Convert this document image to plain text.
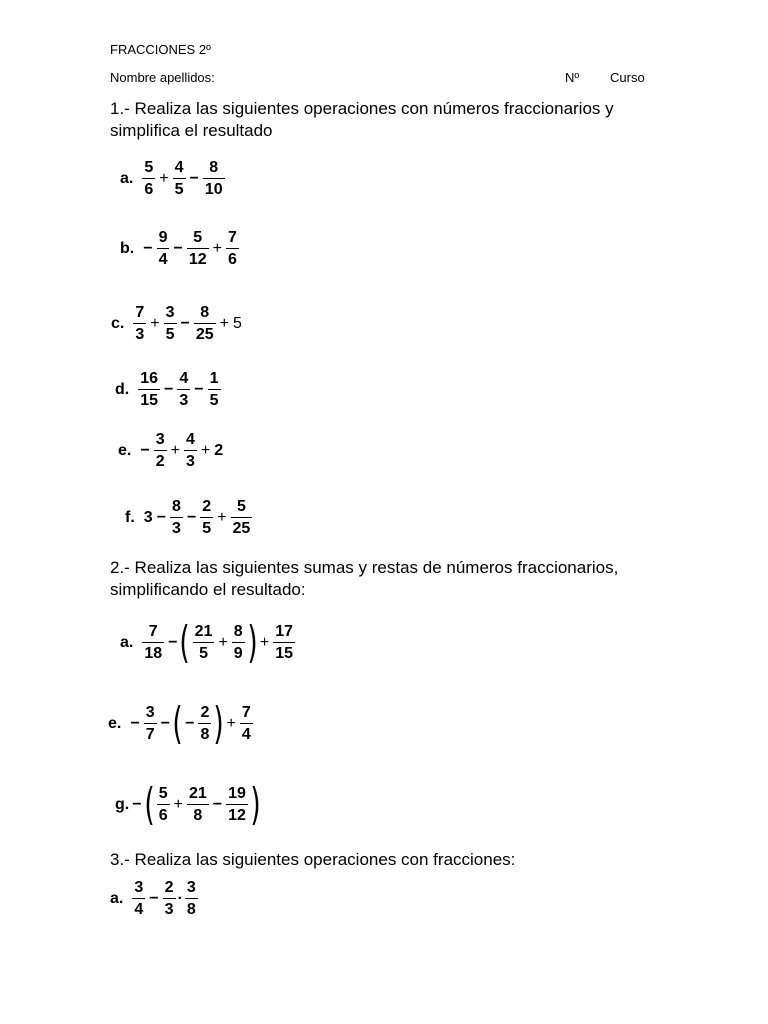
FRACCIONES 2º
Nombre apellidos:	Nº Curso
1.- Realiza las siguientes operaciones con números fraccionarios y
simplifica el resultado
a. $\frac{5}{6} + \frac{4}{5} - \frac{8}{10}$
b. − $\frac{9}{4} - \frac{5}{12} + \frac{7}{6}$
c. $\frac{7}{3} + \frac{3}{5} - \frac{8}{25} + 5$
d. $\frac{16}{15} - \frac{4}{3} - \frac{1}{5}$
e. − $\frac{3}{2} + \frac{4}{3} + 2$
f. $3 - \frac{8}{3} - \frac{2}{5} + \frac{5}{25}$
2.- Realiza las siguientes sumas y restas de números fraccionarios,
simplificando el resultado:
a. $\frac{7}{18}$ − ( $\frac{21}{5} + \frac{8}{9}$ ) + $\frac{17}{15}$
e. − $\frac{3}{7}$ − ( − $\frac{2}{8}$ ) + $\frac{7}{4}$
g. − ( $\frac{5}{6} + \frac{21}{8} - \frac{19}{12}$ )
3.- Realiza las siguientes operaciones con fracciones:
a. $\frac{3}{4} - \frac{2}{3} \cdot \frac{3}{8}$
